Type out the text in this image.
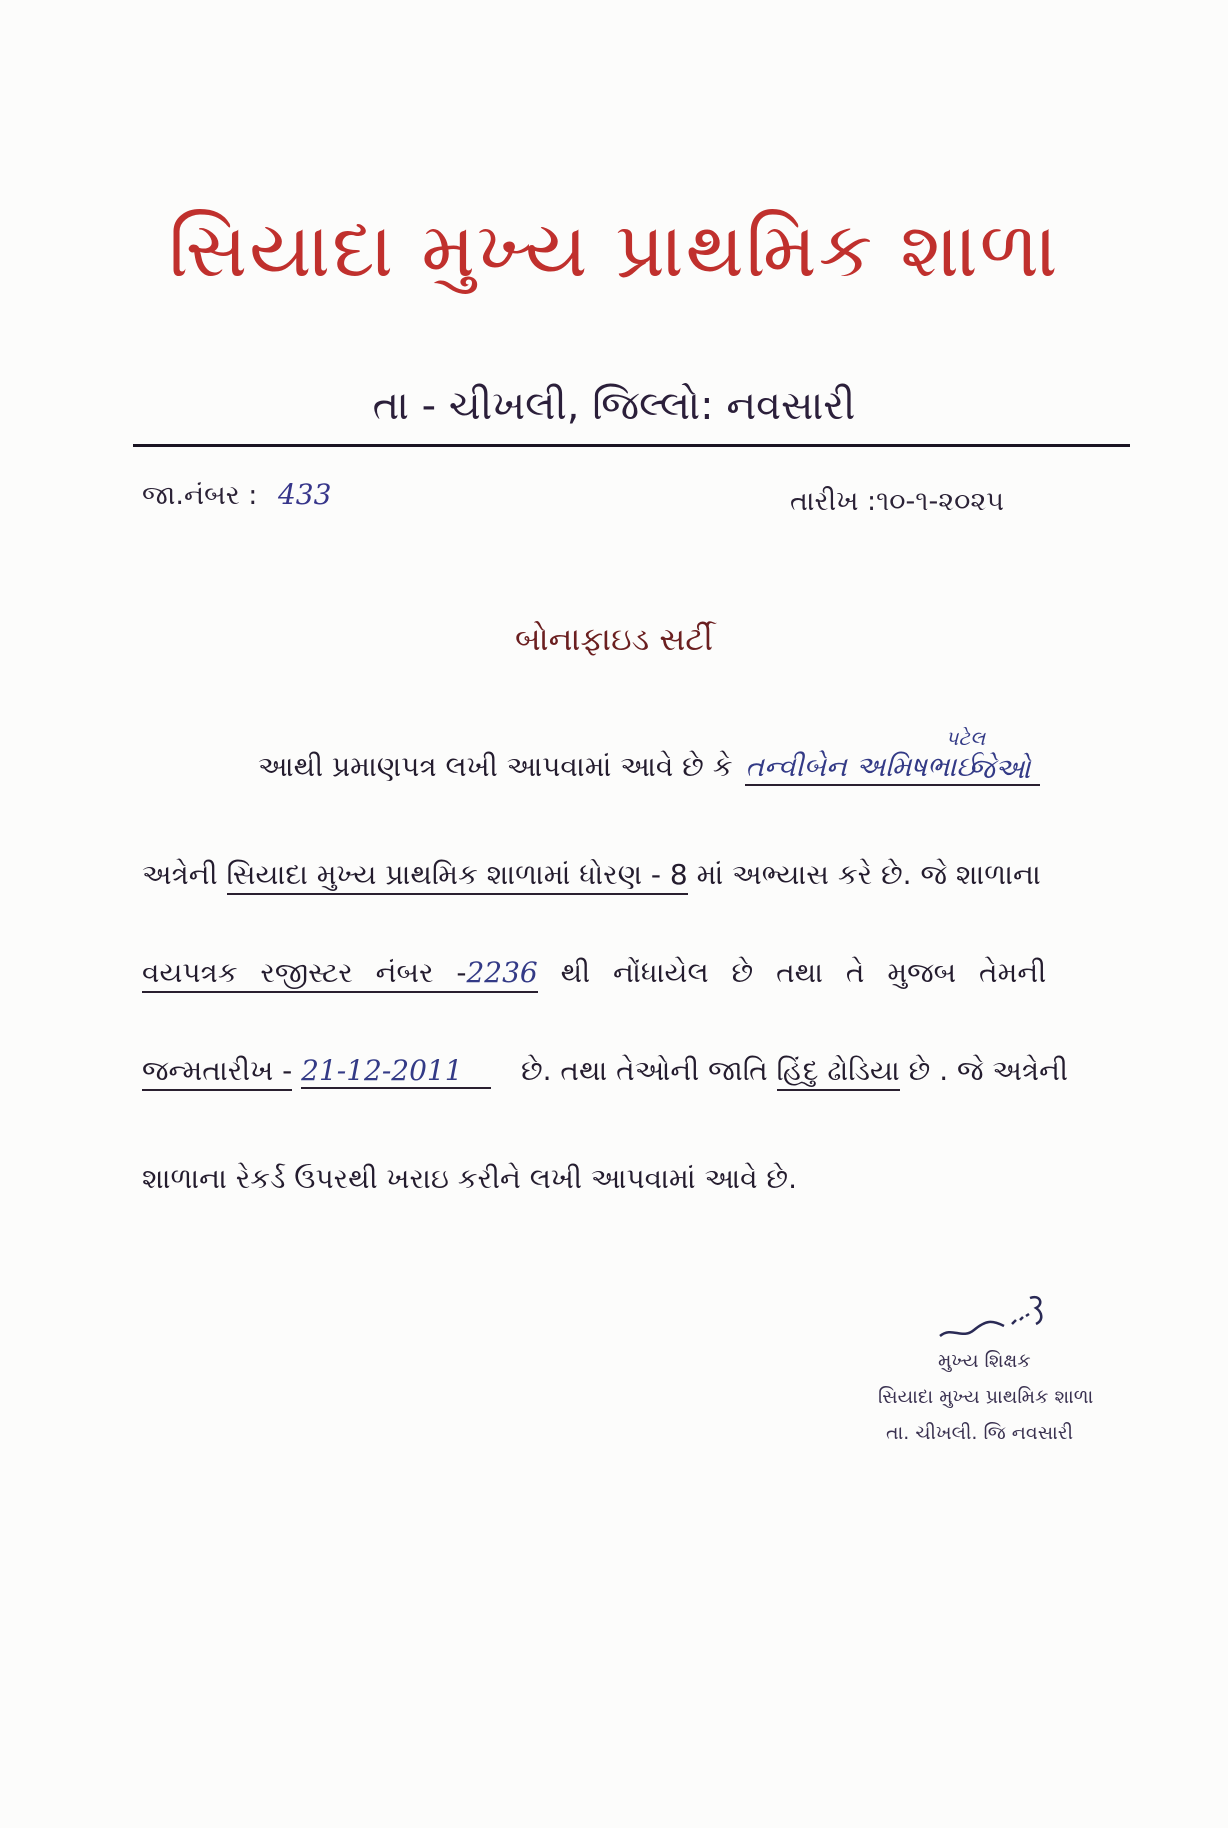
સિયાદા મુખ્ય પ્રાથમિક શાળા
તા - ચીખલી, જિલ્લો: નવસારી
જા.નંબર : 433	તારીખ :૧૦-૧-૨૦૨૫
બોનાફાઇડ સર્ટી
આથી પ્રમાણપત્ર લખી આપવામાં આવે છે કે તન્વીબેન અમિષભાઈ
પટેલ
જેઓ
અત્રેની સિયાદા મુખ્ય પ્રાથમિક શાળામાં ધોરણ - 8 માં અભ્યાસ કરે છે. જે શાળાના
વયપત્રક રજીસ્ટર નંબર -2236 થી નોંધાયેલ છે તથા તે મુજબ તેમની
જન્મતારીખ - 21-12-2011 છે. તથા તેઓની જાતિ હિંદુ ઢોડિયા છે . જે અત્રેની
શાળાના રેકર્ડ ઉપરથી ખરાઇ કરીને લખી આપવામાં આવે છે.
મુખ્ય શિક્ષક
સિયાદા મુખ્ય પ્રાથમિક શાળા
તા. ચીખલી. જિ નવસારી
